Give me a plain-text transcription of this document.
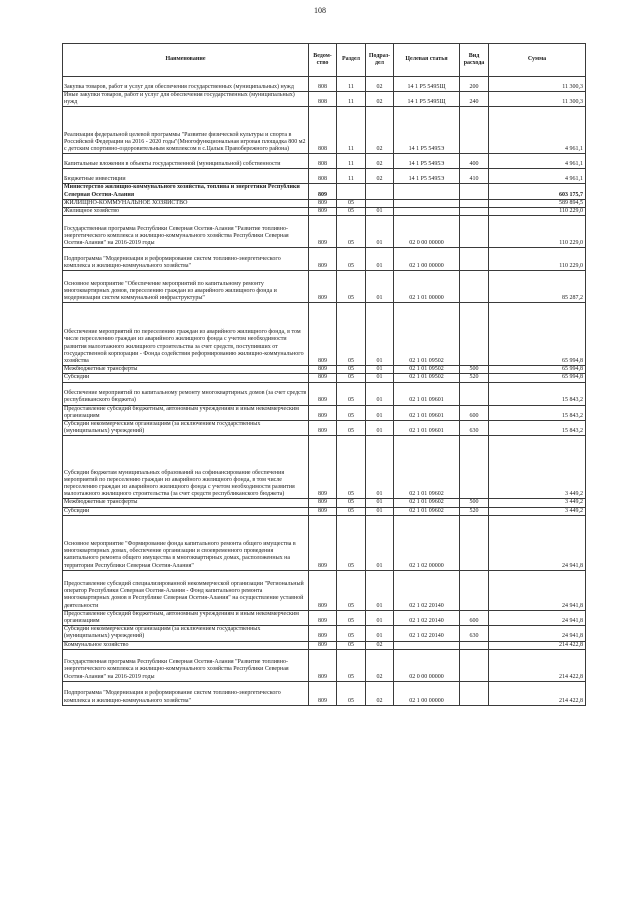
108
Наименование	Ведом-ство	Раздел	Подраз-дел	Целевая статья	Вид расхода	Сумма
Закупка товаров, работ и услуг для обеспечения государственных (муниципальных) нужд	808	11	02	14 1 P5 5495Щ	200	11 300,3
Иные закупки товаров, работ и услуг для обеспечения государственных (муниципальных) нужд	808	11	02	14 1 P5 5495Щ	240	11 300,3
Реализация федеральной целевой программы "Развитие физической культуры и спорта в Российской Федерации на 2016 - 2020 годы"(Многофункциональная игровая площадка 800 м2 с детским спортивно-оздоровительным комплексом в с.Цалык Правобережного района)	808	11	02	14 1 P5 5495Э		4 961,1
Капитальные вложения в объекты государственной (муниципальной) собственности	808	11	02	14 1 P5 5495Э	400	4 961,1
Бюджетные инвестиции	808	11	02	14 1 P5 5495Э	410	4 961,1
Министерство жилищно-коммунального хозяйства, топлива и энергетики Республики Северная Осетия-Алания	809					603 175,7
ЖИЛИЩНО-КОММУНАЛЬНОЕ ХОЗЯЙСТВО	809	05				589 894,5
Жилищное хозяйство	809	05	01			110 229,0
Государственная программа Республики Северная Осетия-Алания "Развитие топливно-энергетического комплекса и жилищно-коммунального хозяйства Республики Северная Осетия-Алания" на 2016-2019 годы	809	05	01	02 0 00 00000		110 229,0
Подпрограмма "Модернизация и реформирование систем топливно-энергетического комплекса и жилищно-коммунального хозяйства"	809	05	01	02 1 00 00000		110 229,0
Основное мероприятие "Обеспечение мероприятий по капитальному ремонту многоквартирных домов, переселению граждан из аварийного жилищного фонда и модернизации систем коммунальной инфраструктуры"	809	05	01	02 1 01 00000		85 287,2
Обеспечение мероприятий по переселению граждан из аварийного жилищного фонда, в том числе переселению граждан из аварийного жилищного фонда с учетом необходимости развития малоэтажного жилищного строительства за счет средств, поступивших от государственной корпорации - Фонда содействия реформированию жилищно-коммунального хозяйства	809	05	01	02 1 01 09502		65 994,8
Межбюджетные трансферты	809	05	01	02 1 01 09502	500	65 994,8
Субсидии	809	05	01	02 1 01 09502	520	65 994,8
Обеспечение мероприятий по капитальному ремонту многоквартирных домов (за счет средств республиканского бюджета)	809	05	01	02 1 01 09601		15 843,2
Предоставление субсидий бюджетным, автономным учреждениям и иным некоммерческим организациям	809	05	01	02 1 01 09601	600	15 843,2
Субсидии некоммерческим организациям (за исключением государственных (муниципальных) учреждений)	809	05	01	02 1 01 09601	630	15 843,2
Субсидии бюджетам муниципальных образований на софинансирование обеспечения мероприятий по переселению граждан из аварийного жилищного фонда, в том числе переселению граждан из аварийного жилищного фонда с учетом необходимости развития малоэтажного жилищного строительства (за счет средств республиканского бюджета)	809	05	01	02 1 01 09602		3 449,2
Межбюджетные трансферты	809	05	01	02 1 01 09602	500	3 449,2
Субсидии	809	05	01	02 1 01 09602	520	3 449,2
Основное мероприятие "Формирование фонда капитального ремонта общего имущества в многоквартирных домах, обеспечение организации и своевременного проведения капитального ремонта общего имущества в многоквартирных домах, расположенных на территории Республики Северная Осетия-Алания"	809	05	01	02 1 02 00000		24 941,8
Предоставление субсидий специализированной некоммерческой организации "Региональный оператор Республики Северная Осетия-Алания - Фонд капитального ремонта многоквартирных домов в Республике Северная Осетия-Алания" на осуществление уставной деятельности	809	05	01	02 1 02 20140		24 941,8
Предоставление субсидий бюджетным, автономным учреждениям и иным некоммерческим организациям	809	05	01	02 1 02 20140	600	24 941,8
Субсидии некоммерческим организациям (за исключением государственных (муниципальных) учреждений)	809	05	01	02 1 02 20140	630	24 941,8
Коммунальное хозяйство	809	05	02			214 422,8
Государственная программа Республики Северная Осетия-Алания "Развитие топливно-энергетического комплекса и жилищно-коммунального хозяйства Республики Северная Осетия-Алания" на 2016-2019 годы	809	05	02	02 0 00 00000		214 422,8
Подпрограмма "Модернизация и реформирование систем топливно-энергетического комплекса и жилищно-коммунального хозяйства"	809	05	02	02 1 00 00000		214 422,8
